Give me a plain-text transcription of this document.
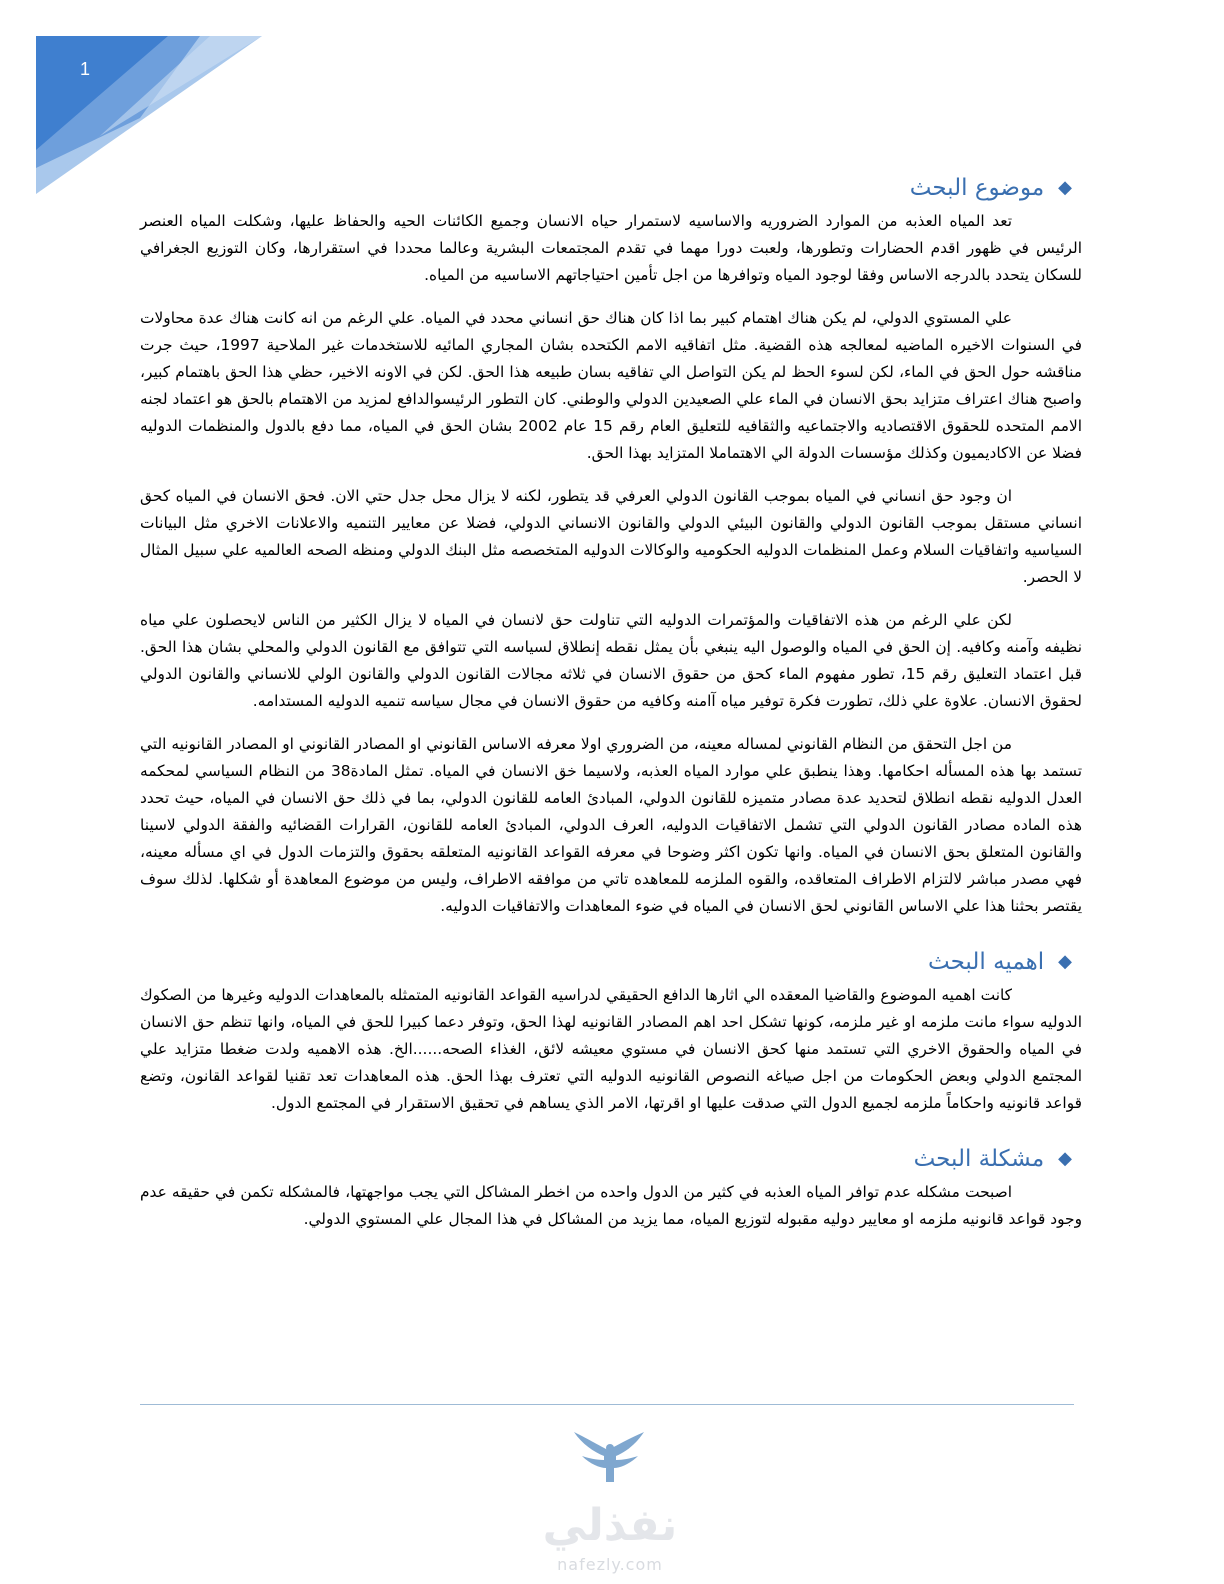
1
◆
موضوع البحث

تعد المياه العذبه من الموارد الضروريه والاساسيه لاستمرار حياه الانسان وجميع الكائنات الحيه والحفاظ عليها، وشكلت المياه العنصر الرئيس في ظهور اقدم الحضارات وتطورها، ولعبت دورا مهما في تقدم المجتمعات البشرية وعالما محددا في استقرارها، وكان التوزيع الجغرافي للسكان يتحدد بالدرجه الاساس وفقا لوجود المياه وتوافرها من اجل تأمين احتياجاتهم الاساسيه من المياه.

علي المستوي الدولي، لم يكن هناك اهتمام كبير بما اذا كان هناك حق انساني محدد في المياه. علي الرغم من انه كانت هناك عدة محاولات في السنوات الاخيره الماضيه لمعالجه هذه القضية. مثل اتفاقيه الامم الكتحده بشان المجاري المائيه للاستخدمات غير الملاحية 1997، حيث جرت مناقشه حول الحق في الماء، لكن لسوء الحظ لم يكن التواصل الي تفاقيه بسان طبيعه هذا الحق. لكن في الاونه الاخير، حظي هذا الحق باهتمام كبير، واصبح هناك اعتراف متزايد بحق الانسان في الماء علي الصعيدين الدولي والوطني. كان التطور الرئيسوالدافع لمزيد من الاهتمام بالحق هو اعتماد لجنه الامم المتحده للحقوق الاقتصاديه والاجتماعيه والثقافيه للتعليق العام رقم 15 عام 2002 بشان الحق في المياه، مما دفع بالدول والمنظمات الدوليه فضلا عن الاكاديميون وكذلك مؤسسات الدولة الي الاهتماملا المتزايد بهذا الحق.

ان وجود حق انساني في المياه بموجب القانون الدولي العرفي قد يتطور، لكنه لا يزال محل جدل حتي الان. فحق الانسان في المياه كحق انساني مستقل بموجب القانون الدولي والقانون البيئي الدولي والقانون الانساني الدولي، فضلا عن معايير التنميه والاعلانات الاخري مثل البيانات السياسيه واتفاقيات السلام وعمل المنظمات الدوليه الحكوميه والوكالات الدوليه المتخصصه مثل البنك الدولي ومنظه الصحه العالميه علي سبيل المثال لا الحصر.

لكن علي الرغم من هذه الاتفاقيات والمؤتمرات الدوليه التي تناولت حق لانسان في المياه لا يزال الكثير من الناس لايحصلون علي مياه نظيفه وآمنه وكافيه. إن الحق في المياه والوصول اليه ينبغي بأن يمثل نقطه إنطلاق لسياسه التي تتوافق مع القانون الدولي والمحلي بشان هذا الحق. قبل اعتماد التعليق رقم 15، تطور مفهوم الماء كحق من حقوق الانسان في ثلاثه مجالات القانون الدولي والقانون الولي للانساني والقانون الدولي لحقوق الانسان. علاوة علي ذلك، تطورت فكرة توفير مياه آامنه وكافيه من حقوق الانسان في مجال سياسه تنميه الدوليه المستدامه.

من اجل التحقق من النظام القانوني لمساله معينه، من الضروري اولا معرفه الاساس القانوني او المصادر القانوني او المصادر القانونيه التي تستمد بها هذه المسأله احكامها. وهذا ينطبق علي موارد المياه العذبه، ولاسيما خق الانسان في المياه. تمثل المادة38 من النظام السياسي لمحكمه العدل الدوليه نقطه انطلاق لتحديد عدة مصادر متميزه للقانون الدولي، المبادئ العامه للقانون الدولي، بما في ذلك حق الانسان في المياه، حيث تحدد هذه الماده مصادر القانون الدولي التي تشمل الاتفاقيات الدوليه، العرف الدولي، المبادئ العامه للقانون، القرارات القضائيه والفقة الدولي لاسينا والقانون المتعلق بحق الانسان في المياه. وانها تكون اكثر وضوحا في معرفه القواعد القانونيه المتعلقه بحقوق والتزمات الدول في اي مسأله معينه، فهي مصدر مباشر لالتزام الاطراف المتعاقده، والقوه الملزمه للمعاهده تاتي من موافقه الاطراف، وليس من موضوع المعاهدة أو شكلها. لذلك سوف يقتصر بحثنا هذا علي الاساس القانوني لحق الانسان في المياه في ضوء المعاهدات والاتفاقيات الدوليه.

◆
اهميه البحث

كانت اهميه الموضوع والقاضيا المعقده الي اثارها الدافع الحقيقي لدراسيه القواعد القانونيه المتمثله بالمعاهدات الدوليه وغيرها من الصكوك الدوليه سواء مانت ملزمه او غير ملزمه، كونها تشكل احد اهم المصادر القانونيه لهذا الحق، وتوفر دعما كبيرا للحق في المياه، وانها تنظم حق الانسان في المياه والحقوق الاخري التي تستمد منها كحق الانسان في مستوي معيشه لائق، الغذاء الصحه......الخ. هذه الاهميه ولدت ضغطا متزايد علي المجتمع الدولي وبعض الحكومات من اجل صياغه النصوص القانونيه الدوليه التي تعترف بهذا الحق. هذه المعاهدات تعد تقنيا لقواعد القانون، وتضع قواعد قانونيه واحكاماً ملزمه لجميع الدول التي صدقت عليها او اقرتها، الامر الذي يساهم في تحقيق الاستقرار في المجتمع الدول.

◆
مشكلة البحث

اصبحت مشكله عدم توافر المياه العذبه في كثير من الدول واحده من اخطر المشاكل التي يجب مواجهتها، فالمشكله تكمن في حقيقه عدم وجود قواعد قانونيه ملزمه او معايير دوليه مقبوله لتوزيع المياه، مما يزيد من المشاكل في هذا المجال علي المستوي الدولي.

نفذلي
nafezly.com
